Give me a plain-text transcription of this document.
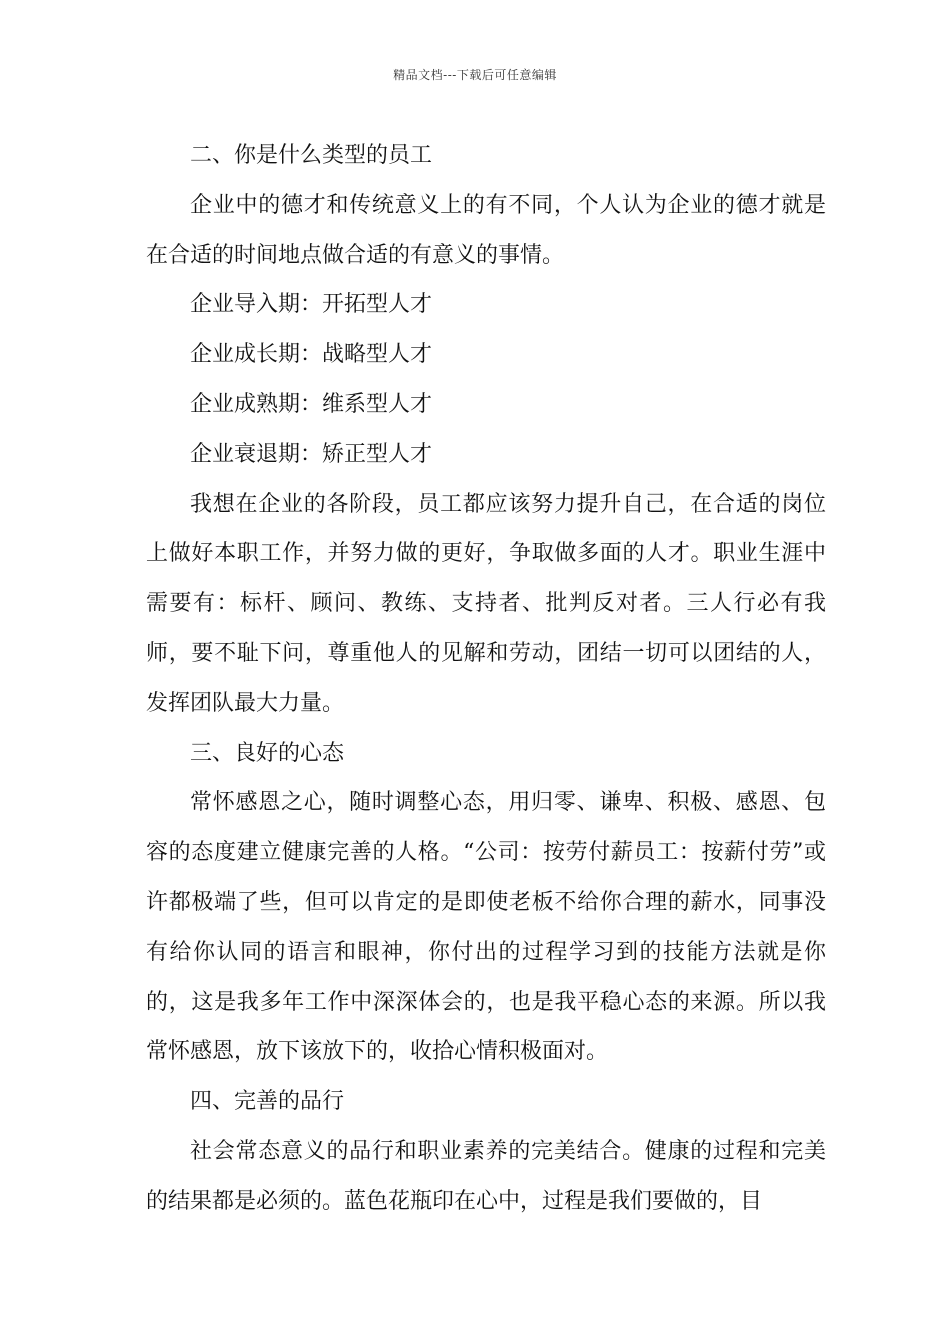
精品文档---下载后可任意编辑

二、你是什么类型的员工

企业中的德才和传统意义上的有不同，个人认为企业的德才就是在合适的时间地点做合适的有意义的事情。

企业导入期：开拓型人才

企业成长期：战略型人才

企业成熟期：维系型人才

企业衰退期：矫正型人才

我想在企业的各阶段，员工都应该努力提升自己，在合适的岗位上做好本职工作，并努力做的更好，争取做多面的人才。职业生涯中需要有：标杆、顾问、教练、支持者、批判反对者。三人行必有我师，要不耻下问，尊重他人的见解和劳动，团结一切可以团结的人，发挥团队最大力量。

三、良好的心态

常怀感恩之心，随时调整心态，用归零、谦卑、积极、感恩、包容的态度建立健康完善的人格。“公司：按劳付薪员工：按薪付劳”或许都极端了些，但可以肯定的是即使老板不给你合理的薪水，同事没有给你认同的语言和眼神，你付出的过程学习到的技能方法就是你的，这是我多年工作中深深体会的，也是我平稳心态的来源。所以我常怀感恩，放下该放下的，收拾心情积极面对。

四、完善的品行

社会常态意义的品行和职业素养的完美结合。健康的过程和完美的结果都是必须的。蓝色花瓶印在心中，过程是我们要做的，目
